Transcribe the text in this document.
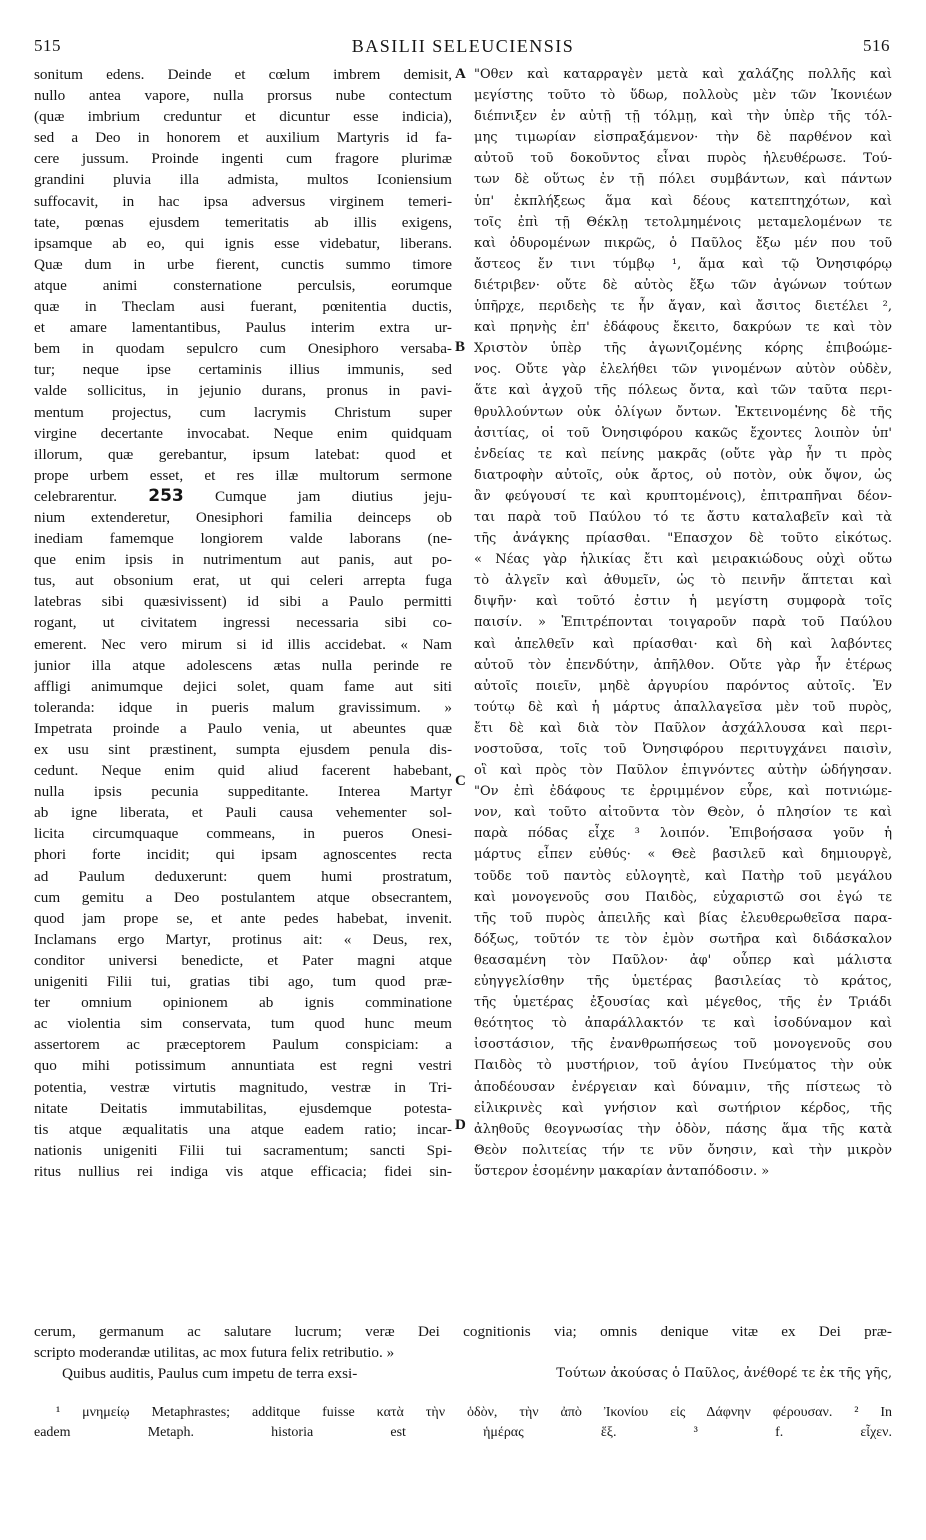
515	BASILII SELEUCIENSIS	516
sonitum edens. Deinde et cœlum imbrem demisit,
nullo antea vapore, nulla prorsus nube contectum
(quæ imbrium creduntur et dicuntur esse indicia),
sed a Deo in honorem et auxilium Martyris id fa-
cere jussum. Proinde ingenti cum fragore plurimæ
grandini pluvia illa admista, multos Iconiensium
suffocavit, in hac ipsa adversus virginem temeri-
tate, pœnas ejusdem temeritatis ab illis exigens,
ipsamque ab eo, qui ignis esse videbatur, liberans.
Quæ dum in urbe fierent, cunctis summo timore
atque animi consternatione perculsis, eorumque
quæ in Theclam ausi fuerant, pœnitentia ductis,
et amare lamentantibus, Paulus interim extra ur-
bem in quodam sepulcro cum Onesiphoro versaba-
tur; neque ipse certaminis illius immunis, sed
valde sollicitus, in jejunio durans, pronus in pavi-
mentum projectus, cum lacrymis Christum super
virgine decertante invocabat. Neque enim quidquam
illorum, quæ gerebantur, ipsum latebat: quod et
prope urbem esset, et res illæ multorum sermone
celebrarentur. 253 Cumque jam diutius jeju-
nium extenderetur, Onesiphori familia deinceps ob
inediam famemque longiorem valde laborans (ne-
que enim ipsis in nutrimentum aut panis, aut po-
tus, aut obsonium erat, ut qui celeri arrepta fuga
latebras sibi quæsivissent) id sibi a Paulo permitti
rogant, ut civitatem ingressi necessaria sibi co-
emerent. Nec vero mirum si id illis accidebat. « Nam
junior illa atque adolescens ætas nulla perinde re
affligi animumque dejici solet, quam fame aut siti
toleranda: idque in pueris malum gravissimum. »
Impetrata proinde a Paulo venia, ut abeuntes quæ
ex usu sint præstinent, sumpta ejusdem penula dis-
cedunt. Neque enim quid aliud facerent habebant,
nulla ipsis pecunia suppeditante. Interea Martyr
ab igne liberata, et Pauli causa vehementer sol-
licita circumquaque commeans, in pueros Onesi-
phori forte incidit; qui ipsam agnoscentes recta
ad Paulum deduxerunt: quem humi prostratum,
cum gemitu a Deo postulantem atque obsecrantem,
quod jam prope se, et ante pedes habebat, invenit.
Inclamans ergo Martyr, protinus ait: « Deus, rex,
conditor universi benedicte, et Pater magni atque
unigeniti Filii tui, gratias tibi ago, tum quod præ-
ter omnium opinionem ab ignis comminatione
ac violentia sim conservata, tum quod hunc meum
assertorem ac præceptorem Paulum conspiciam: a
quo mihi potissimum annuntiata est regni vestri
potentia, vestræ virtutis magnitudo, vestræ in Tri-
nitate Deitatis immutabilitas, ejusdemque potesta-
tis atque æqualitatis una atque eadem ratio; incar-
nationis unigeniti Filii tui sacramentum; sancti Spi-
ritus nullius rei indiga vis atque efficacia; fidei sin-
"Οθεν καὶ καταρραγὲν μετὰ καὶ χαλάζης πολλῆς καὶ
μεγίστης τοῦτο τὸ ὕδωρ, πολλοὺς μὲν τῶν Ἰκονιέων
διέπνιξεν ἐν αὐτῇ τῇ τόλμῃ, καὶ τὴν ὑπὲρ τῆς τόλ-
μης τιμωρίαν εἰσπραξάμενον· τὴν δὲ παρθένον καὶ
αὐτοῦ τοῦ δοκοῦντος εἶναι πυρὸς ἠλευθέρωσε. Τού-
των δὲ οὕτως ἐν τῇ πόλει συμβάντων, καὶ πάντων
ὑπ' ἐκπλήξεως ἅμα καὶ δέους κατεπτηχότων, καὶ
τοῖς ἐπὶ τῇ Θέκλῃ τετολμημένοις μεταμελομένων τε
καὶ ὀδυρομένων πικρῶς, ὁ Παῦλος ἔξω μέν που τοῦ
ἄστεος ἔν τινι τύμβῳ ¹, ἅμα καὶ τῷ Ὀνησιφόρῳ
διέτριβεν· οὔτε δὲ αὐτὸς ἔξω τῶν ἀγώνων τούτων
ὑπῆρχε, περιδεὴς τε ἦν ἄγαν, καὶ ἄσιτος διετέλει ²,
καὶ πρηνὴς ἐπ' ἐδάφους ἔκειτο, δακρύων τε καὶ τὸν
Χριστὸν ὑπὲρ τῆς ἀγωνιζομένης κόρης ἐπιβοώμε-
νος. Οὔτε γὰρ ἐλελήθει τῶν γινομένων αὐτὸν οὐδὲν,
ἅτε καὶ ἀγχοῦ τῆς πόλεως ὄντα, καὶ τῶν ταῦτα περι-
θρυλλούντων οὐκ ὀλίγων ὄντων. Ἐκτεινομένης δὲ τῆς
ἀσιτίας, οἱ τοῦ Ὀνησιφόρου κακῶς ἔχοντες λοιπὸν ὑπ'
ἐνδείας τε καὶ πείνης μακρᾶς (οὔτε γὰρ ἦν τι πρὸς
διατροφὴν αὐτοῖς, οὐκ ἄρτος, οὐ ποτὸν, οὐκ ὄψον, ὡς
ἂν φεύγουσί τε καὶ κρυπτομένοις), ἐπιτραπῆναι δέον-
ται παρὰ τοῦ Παύλου τό τε ἄστυ καταλαβεῖν καὶ τὰ
τῆς ἀνάγκης πρίασθαι. "Επασχον δὲ τοῦτο εἰκότως.
« Νέας γὰρ ἡλικίας ἔτι καὶ μειρακιώδους οὐχὶ οὕτω
τὸ ἀλγεῖν καὶ ἀθυμεῖν, ὡς τὸ πεινῆν ἅπτεται καὶ
διψῆν· καὶ τοῦτό ἐστιν ἡ μεγίστη συμφορὰ τοῖς
παισίν. » Ἐπιτρέπονται τοιγαροῦν παρὰ τοῦ Παύλου
καὶ ἀπελθεῖν καὶ πρίασθαι· καὶ δὴ καὶ λαβόντες
αὐτοῦ τὸν ἐπενδύτην, ἀπῆλθον. Οὔτε γὰρ ἦν ἑτέρως
αὐτοῖς ποιεῖν, μηδὲ ἀργυρίου παρόντος αὐτοῖς. Ἐν
τούτῳ δὲ καὶ ἡ μάρτυς ἀπαλλαγεῖσα μὲν τοῦ πυρὸς,
ἔτι δὲ καὶ διὰ τὸν Παῦλον ἀσχάλλουσα καὶ περι-
νοστοῦσα, τοῖς τοῦ Ὀνησιφόρου περιτυγχάνει παισὶν,
οἳ καὶ πρὸς τὸν Παῦλον ἐπιγνόντες αὐτὴν ὡδήγησαν.
"Ον ἐπὶ ἐδάφους τε ἐρριμμένον εὗρε, καὶ ποτνιώμε-
νον, καὶ τοῦτο αἰτοῦντα τὸν Θεὸν, ὁ πλησίον τε καὶ
παρὰ πόδας εἶχε ³ λοιπόν. Ἐπιβοήσασα γοῦν ἡ
μάρτυς εἶπεν εὐθύς· « Θεὲ βασιλεῦ καὶ δημιουργὲ,
τοῦδε τοῦ παντὸς εὐλογητὲ, καὶ Πατὴρ τοῦ μεγάλου
καὶ μονογενοῦς σου Παιδὸς, εὐχαριστῶ σοι ἐγώ τε
τῆς τοῦ πυρὸς ἀπειλῆς καὶ βίας ἐλευθερωθεῖσα παρα-
δόξως, τοῦτόν τε τὸν ἐμὸν σωτῆρα καὶ διδάσκαλον
θεασαμένη τὸν Παῦλον· ἀφ' οὗπερ καὶ μάλιστα
εὐηγγελίσθην τῆς ὑμετέρας βασιλείας τὸ κράτος,
τῆς ὑμετέρας ἐξουσίας καὶ μέγεθος, τῆς ἐν Τριάδι
θεότητος τὸ ἀπαράλλακτόν τε καὶ ἰσοδύναμον καὶ
ἰσοστάσιον, τῆς ἐνανθρωπήσεως τοῦ μονογενοῦς σου
Παιδὸς τὸ μυστήριον, τοῦ ἁγίου Πνεύματος τὴν οὐκ
ἀποδέουσαν ἐνέργειαν καὶ δύναμιν, τῆς πίστεως τὸ
εἰλικρινὲς καὶ γνήσιον καὶ σωτήριον κέρδος, τῆς
ἀληθοῦς θεογνωσίας τὴν ὁδὸν, πάσης ἅμα τῆς κατὰ
Θεὸν πολιτείας τήν τε νῦν ὄνησιν, καὶ τὴν μικρὸν
ὕστερον ἐσομένην μακαρίαν ἀνταπόδοσιν. »
A
B
C
D
cerum, germanum ac salutare lucrum; veræ Dei cognitionis via; omnis denique vitæ ex Dei præ-
scripto moderandæ utilitas, ac mox futura felix retributio. »
Quibus auditis, Paulus cum impetu de terra exsi-	Τούτων ἀκούσας ὁ Παῦλος, ἀνέθορέ τε ἐκ τῆς γῆς,
¹ μνημείῳ Metaphrastes; additque fuisse κατὰ τὴν ὁδὸν, τὴν ἀπὸ Ἰκονίου εἰς Δάφνην φέρουσαν. ² In
eadem Metaph. historia est ἡμέρας ἕξ. ³ f. εἶχεν.
